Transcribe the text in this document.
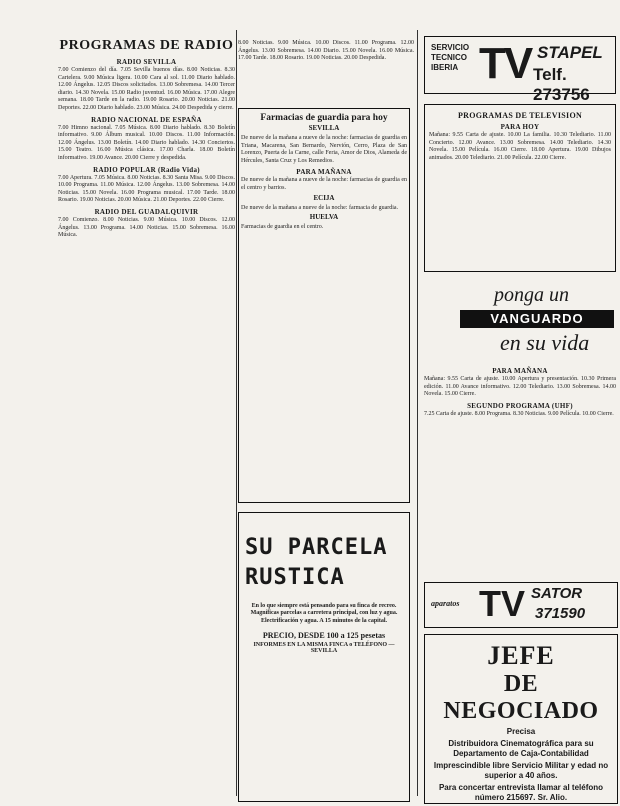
PROGRAMAS DE RADIO
RADIO SEVILLA

7.00 Comienzo del día. 7.05 Sevilla buenos días. 8.00 Noticias. 8.30 Cartelera. 9.00 Música ligera. 10.00 Cara al sol. 11.00 Diario hablado. 12.00 Ángelus. 12.05 Discos solicitados. 13.00 Sobremesa. 14.00 Tercer diario. 14.30 Novela. 15.00 Radio juventud. 16.00 Música. 17.00 Alegre semana. 18.00 Tarde en la radio. 19.00 Rosario. 20.00 Noticias. 21.00 Deportes. 22.00 Diario hablado. 23.00 Música. 24.00 Despedida y cierre.

RADIO NACIONAL DE ESPAÑA

7.00 Himno nacional. 7.05 Música. 8.00 Diario hablado. 8.30 Boletín informativo. 9.00 Álbum musical. 10.00 Discos. 11.00 Información. 12.00 Ángelus. 13.00 Boletín. 14.00 Diario hablado. 14.30 Conciertos. 15.00 Teatro. 16.00 Música clásica. 17.00 Charla. 18.00 Boletín informativo. 19.00 Avance. 20.00 Cierre y despedida.

RADIO POPULAR (Radio Vida)

7.00 Apertura. 7.05 Música. 8.00 Noticias. 8.30 Santa Misa. 9.00 Discos. 10.00 Programa. 11.00 Música. 12.00 Ángelus. 13.00 Sobremesa. 14.00 Noticias. 15.00 Novela. 16.00 Programa musical. 17.00 Tarde. 18.00 Rosario. 19.00 Noticias. 20.00 Música. 21.00 Deportes. 22.00 Cierre.

RADIO DEL GUADALQUIVIR

7.00 Comienzo. 8.00 Noticias. 9.00 Música. 10.00 Discos. 12.00 Ángelus. 13.00 Programa. 14.00 Noticias. 15.00 Sobremesa. 16.00 Música.

8.00 Noticias. 9.00 Música. 10.00 Discos. 11.00 Programa. 12.00 Ángelus. 13.00 Sobremesa. 14.00 Diario. 15.00 Novela. 16.00 Música. 17.00 Tarde. 18.00 Rosario. 19.00 Noticias. 20.00 Despedida.

Farmacias de guardia para hoy
SEVILLA

De nueve de la mañana a nueve de la noche: farmacias de guardia en Triana, Macarena, San Bernardo, Nervión, Cerro, Plaza de San Lorenzo, Puerta de la Carne, calle Feria, Amor de Dios, Alameda de Hércules, Santa Cruz y Los Remedios.

PARA MAÑANA

De nueve de la mañana a nueve de la noche: farmacias de guardia en el centro y barrios.

ECIJA

De nueve de la mañana a nueve de la noche: farmacia de guardia.

HUELVA

Farmacias de guardia en el centro.

SU PARCELA
RUSTICA

En lo que siempre está pensando para su finca de recreo. Magníficas parcelas a carretera principal, con luz y agua. Electrificación y agua. A 15 minutos de la capital.

PRECIO, DESDE 100 a 125 pesetas
INFORMES EN LA MISMA FINCA o TELÉFONO — SEVILLA
SERVICIO
TECNICO
IBERIA TV STAPEL
Telf. 273756
PROGRAMAS DE TELEVISION
PARA HOY

Mañana: 9.55 Carta de ajuste. 10.00 La familia. 10.30 Telediario. 11.00 Concierto. 12.00 Avance. 13.00 Sobremesa. 14.00 Telediario. 14.30 Novela. 15.00 Película. 16.00 Cierre. 18.00 Apertura. 19.00 Dibujos animados. 20.00 Telediario. 21.00 Película. 22.00 Cierre.

ponga un
VANGUARDO
en su vida
PARA MAÑANA

Mañana: 9.55 Carta de ajuste. 10.00 Apertura y presentación. 10.30 Primera edición. 11.00 Avance informativo. 12.00 Telediario. 13.00 Sobremesa. 14.00 Novela. 15.00 Cierre.

SEGUNDO PROGRAMA (UHF)

7.25 Carta de ajuste. 8.00 Programa. 8.30 Noticias. 9.00 Película. 10.00 Cierre.

aparatos TV SATOR
371590
JEFE
DE NEGOCIADO

Precisa

Distribuidora Cinematográfica para su Departamento de Caja-Contabilidad

Imprescindible libre Servicio Militar y edad no superior a 40 años.

Para concertar entrevista llamar al teléfono número 215697. Sr. Alio.
